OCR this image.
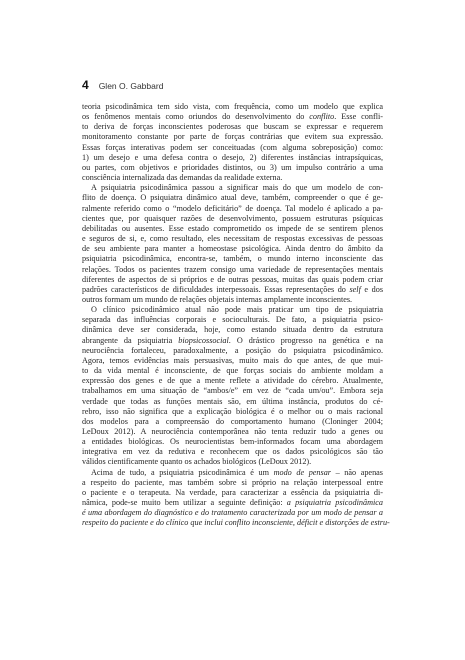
4 Glen O. Gabbard
teoria psicodinâmica tem sido vista, com frequência, como um modelo que explica
os fenômenos mentais como oriundos do desenvolvimento do conflito. Esse confli-
to deriva de forças inconscientes poderosas que buscam se expressar e requerem
monitoramento constante por parte de forças contrárias que evitem sua expressão.
Essas forças interativas podem ser conceituadas (com alguma sobreposição) como:
1) um desejo e uma defesa contra o desejo, 2) diferentes instâncias intrapsíquicas,
ou partes, com objetivos e prioridades distintos, ou 3) um impulso contrário a uma
consciência internalizada das demandas da realidade externa.
A psiquiatria psicodinâmica passou a significar mais do que um modelo de con-
flito de doença. O psiquiatra dinâmico atual deve, também, compreender o que é ge-
ralmente referido como o “modelo deficitário” de doença. Tal modelo é aplicado a pa-
cientes que, por quaisquer razões de desenvolvimento, possuem estruturas psíquicas
debilitadas ou ausentes. Esse estado comprometido os impede de se sentirem plenos
e seguros de si, e, como resultado, eles necessitam de respostas excessivas de pessoas
de seu ambiente para manter a homeostase psicológica. Ainda dentro do âmbito da
psiquiatria psicodinâmica, encontra-se, também, o mundo interno inconsciente das
relações. Todos os pacientes trazem consigo uma variedade de representações mentais
diferentes de aspectos de si próprios e de outras pessoas, muitas das quais podem criar
padrões característicos de dificuldades interpessoais. Essas representações do self e dos
outros formam um mundo de relações objetais internas amplamente inconscientes.
O clínico psicodinâmico atual não pode mais praticar um tipo de psiquiatria
separada das influências corporais e socioculturais. De fato, a psiquiatria psico-
dinâmica deve ser considerada, hoje, como estando situada dentro da estrutura
abrangente da psiquiatria biopsicossocial. O drástico progresso na genética e na
neurociência fortaleceu, paradoxalmente, a posição do psiquiatra psicodinâmico.
Agora, temos evidências mais persuasivas, muito mais do que antes, de que mui-
to da vida mental é inconsciente, de que forças sociais do ambiente moldam a
expressão dos genes e de que a mente reflete a atividade do cérebro. Atualmente,
trabalhamos em uma situação de “ambos/e” em vez de “cada um/ou”. Embora seja
verdade que todas as funções mentais são, em última instância, produtos do cé-
rebro, isso não significa que a explicação biológica é o melhor ou o mais racional
dos modelos para a compreensão do comportamento humano (Cloninger 2004;
LeDoux 2012). A neurociência contemporânea não tenta reduzir tudo a genes ou
a entidades biológicas. Os neurocientistas bem-informados focam uma abordagem
integrativa em vez da redutiva e reconhecem que os dados psicológicos são tão
válidos cientificamente quanto os achados biológicos (LeDoux 2012).
Acima de tudo, a psiquiatria psicodinâmica é um modo de pensar – não apenas
a respeito do paciente, mas também sobre si próprio na relação interpessoal entre
o paciente e o terapeuta. Na verdade, para caracterizar a essência da psiquiatria di-
nâmica, pode-se muito bem utilizar a seguinte definição: a psiquiatria psicodinâmica
é uma abordagem do diagnóstico e do tratamento caracterizada por um modo de pensar a
respeito do paciente e do clínico que inclui conflito inconsciente, déficit e distorções de estru-
